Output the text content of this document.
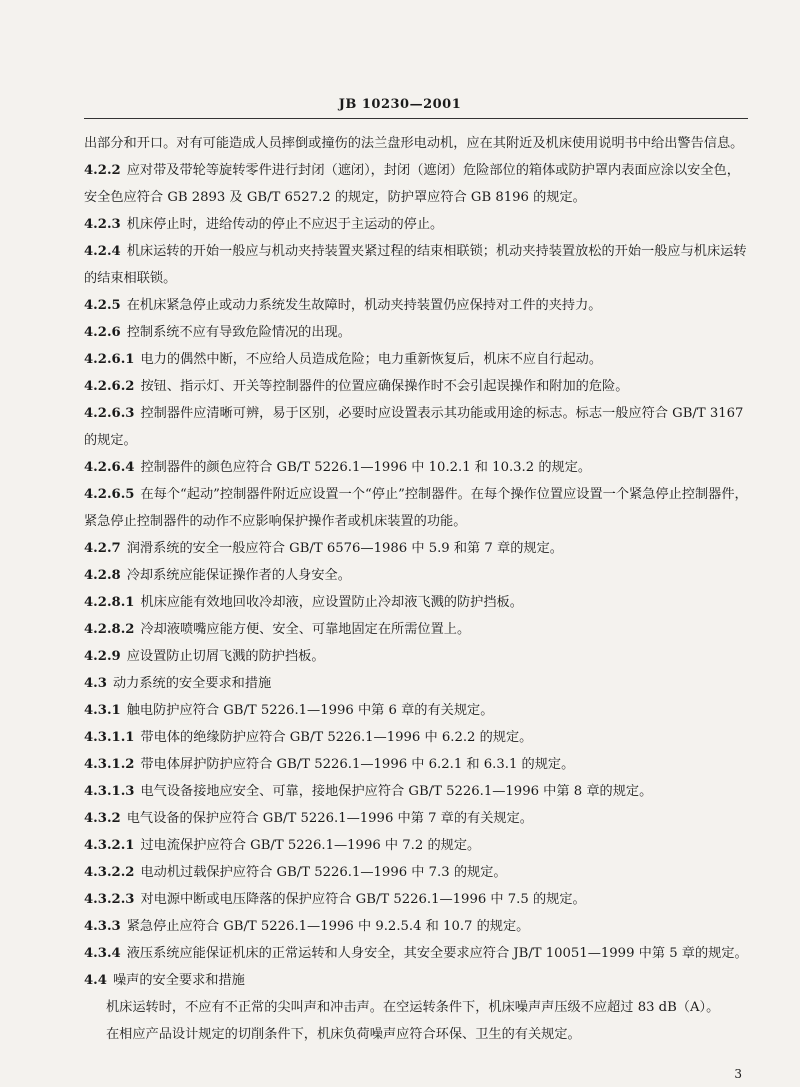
JB 10230—2001
出部分和开口。对有可能造成人员摔倒或撞伤的法兰盘形电动机，应在其附近及机床使用说明书中给出警告信息。
4.2.2 应对带及带轮等旋转零件进行封闭（遮闭），封闭（遮闭）危险部位的箱体或防护罩内表面应涂以安全色，安全色应符合 GB 2893 及 GB/T 6527.2 的规定，防护罩应符合 GB 8196 的规定。
4.2.3 机床停止时，进给传动的停止不应迟于主运动的停止。
4.2.4 机床运转的开始一般应与机动夹持装置夹紧过程的结束相联锁；机动夹持装置放松的开始一般应与机床运转的结束相联锁。
4.2.5 在机床紧急停止或动力系统发生故障时，机动夹持装置仍应保持对工件的夹持力。
4.2.6 控制系统不应有导致危险情况的出现。
4.2.6.1 电力的偶然中断，不应给人员造成危险；电力重新恢复后，机床不应自行起动。
4.2.6.2 按钮、指示灯、开关等控制器件的位置应确保操作时不会引起误操作和附加的危险。
4.2.6.3 控制器件应清晰可辨，易于区别，必要时应设置表示其功能或用途的标志。标志一般应符合 GB/T 3167 的规定。
4.2.6.4 控制器件的颜色应符合 GB/T 5226.1—1996 中 10.2.1 和 10.3.2 的规定。
4.2.6.5 在每个“起动”控制器件附近应设置一个“停止”控制器件。在每个操作位置应设置一个紧急停止控制器件，紧急停止控制器件的动作不应影响保护操作者或机床装置的功能。
4.2.7 润滑系统的安全一般应符合 GB/T 6576—1986 中 5.9 和第 7 章的规定。
4.2.8 冷却系统应能保证操作者的人身安全。
4.2.8.1 机床应能有效地回收冷却液，应设置防止冷却液飞溅的防护挡板。
4.2.8.2 冷却液喷嘴应能方便、安全、可靠地固定在所需位置上。
4.2.9 应设置防止切屑飞溅的防护挡板。
4.3 动力系统的安全要求和措施
4.3.1 触电防护应符合 GB/T 5226.1—1996 中第 6 章的有关规定。
4.3.1.1 带电体的绝缘防护应符合 GB/T 5226.1—1996 中 6.2.2 的规定。
4.3.1.2 带电体屏护防护应符合 GB/T 5226.1—1996 中 6.2.1 和 6.3.1 的规定。
4.3.1.3 电气设备接地应安全、可靠，接地保护应符合 GB/T 5226.1—1996 中第 8 章的规定。
4.3.2 电气设备的保护应符合 GB/T 5226.1—1996 中第 7 章的有关规定。
4.3.2.1 过电流保护应符合 GB/T 5226.1—1996 中 7.2 的规定。
4.3.2.2 电动机过载保护应符合 GB/T 5226.1—1996 中 7.3 的规定。
4.3.2.3 对电源中断或电压降落的保护应符合 GB/T 5226.1—1996 中 7.5 的规定。
4.3.3 紧急停止应符合 GB/T 5226.1—1996 中 9.2.5.4 和 10.7 的规定。
4.3.4 液压系统应能保证机床的正常运转和人身安全，其安全要求应符合 JB/T 10051—1999 中第 5 章的规定。
4.4 噪声的安全要求和措施
机床运转时，不应有不正常的尖叫声和冲击声。在空运转条件下，机床噪声声压级不应超过 83 dB（A）。
在相应产品设计规定的切削条件下，机床负荷噪声应符合环保、卫生的有关规定。
3
